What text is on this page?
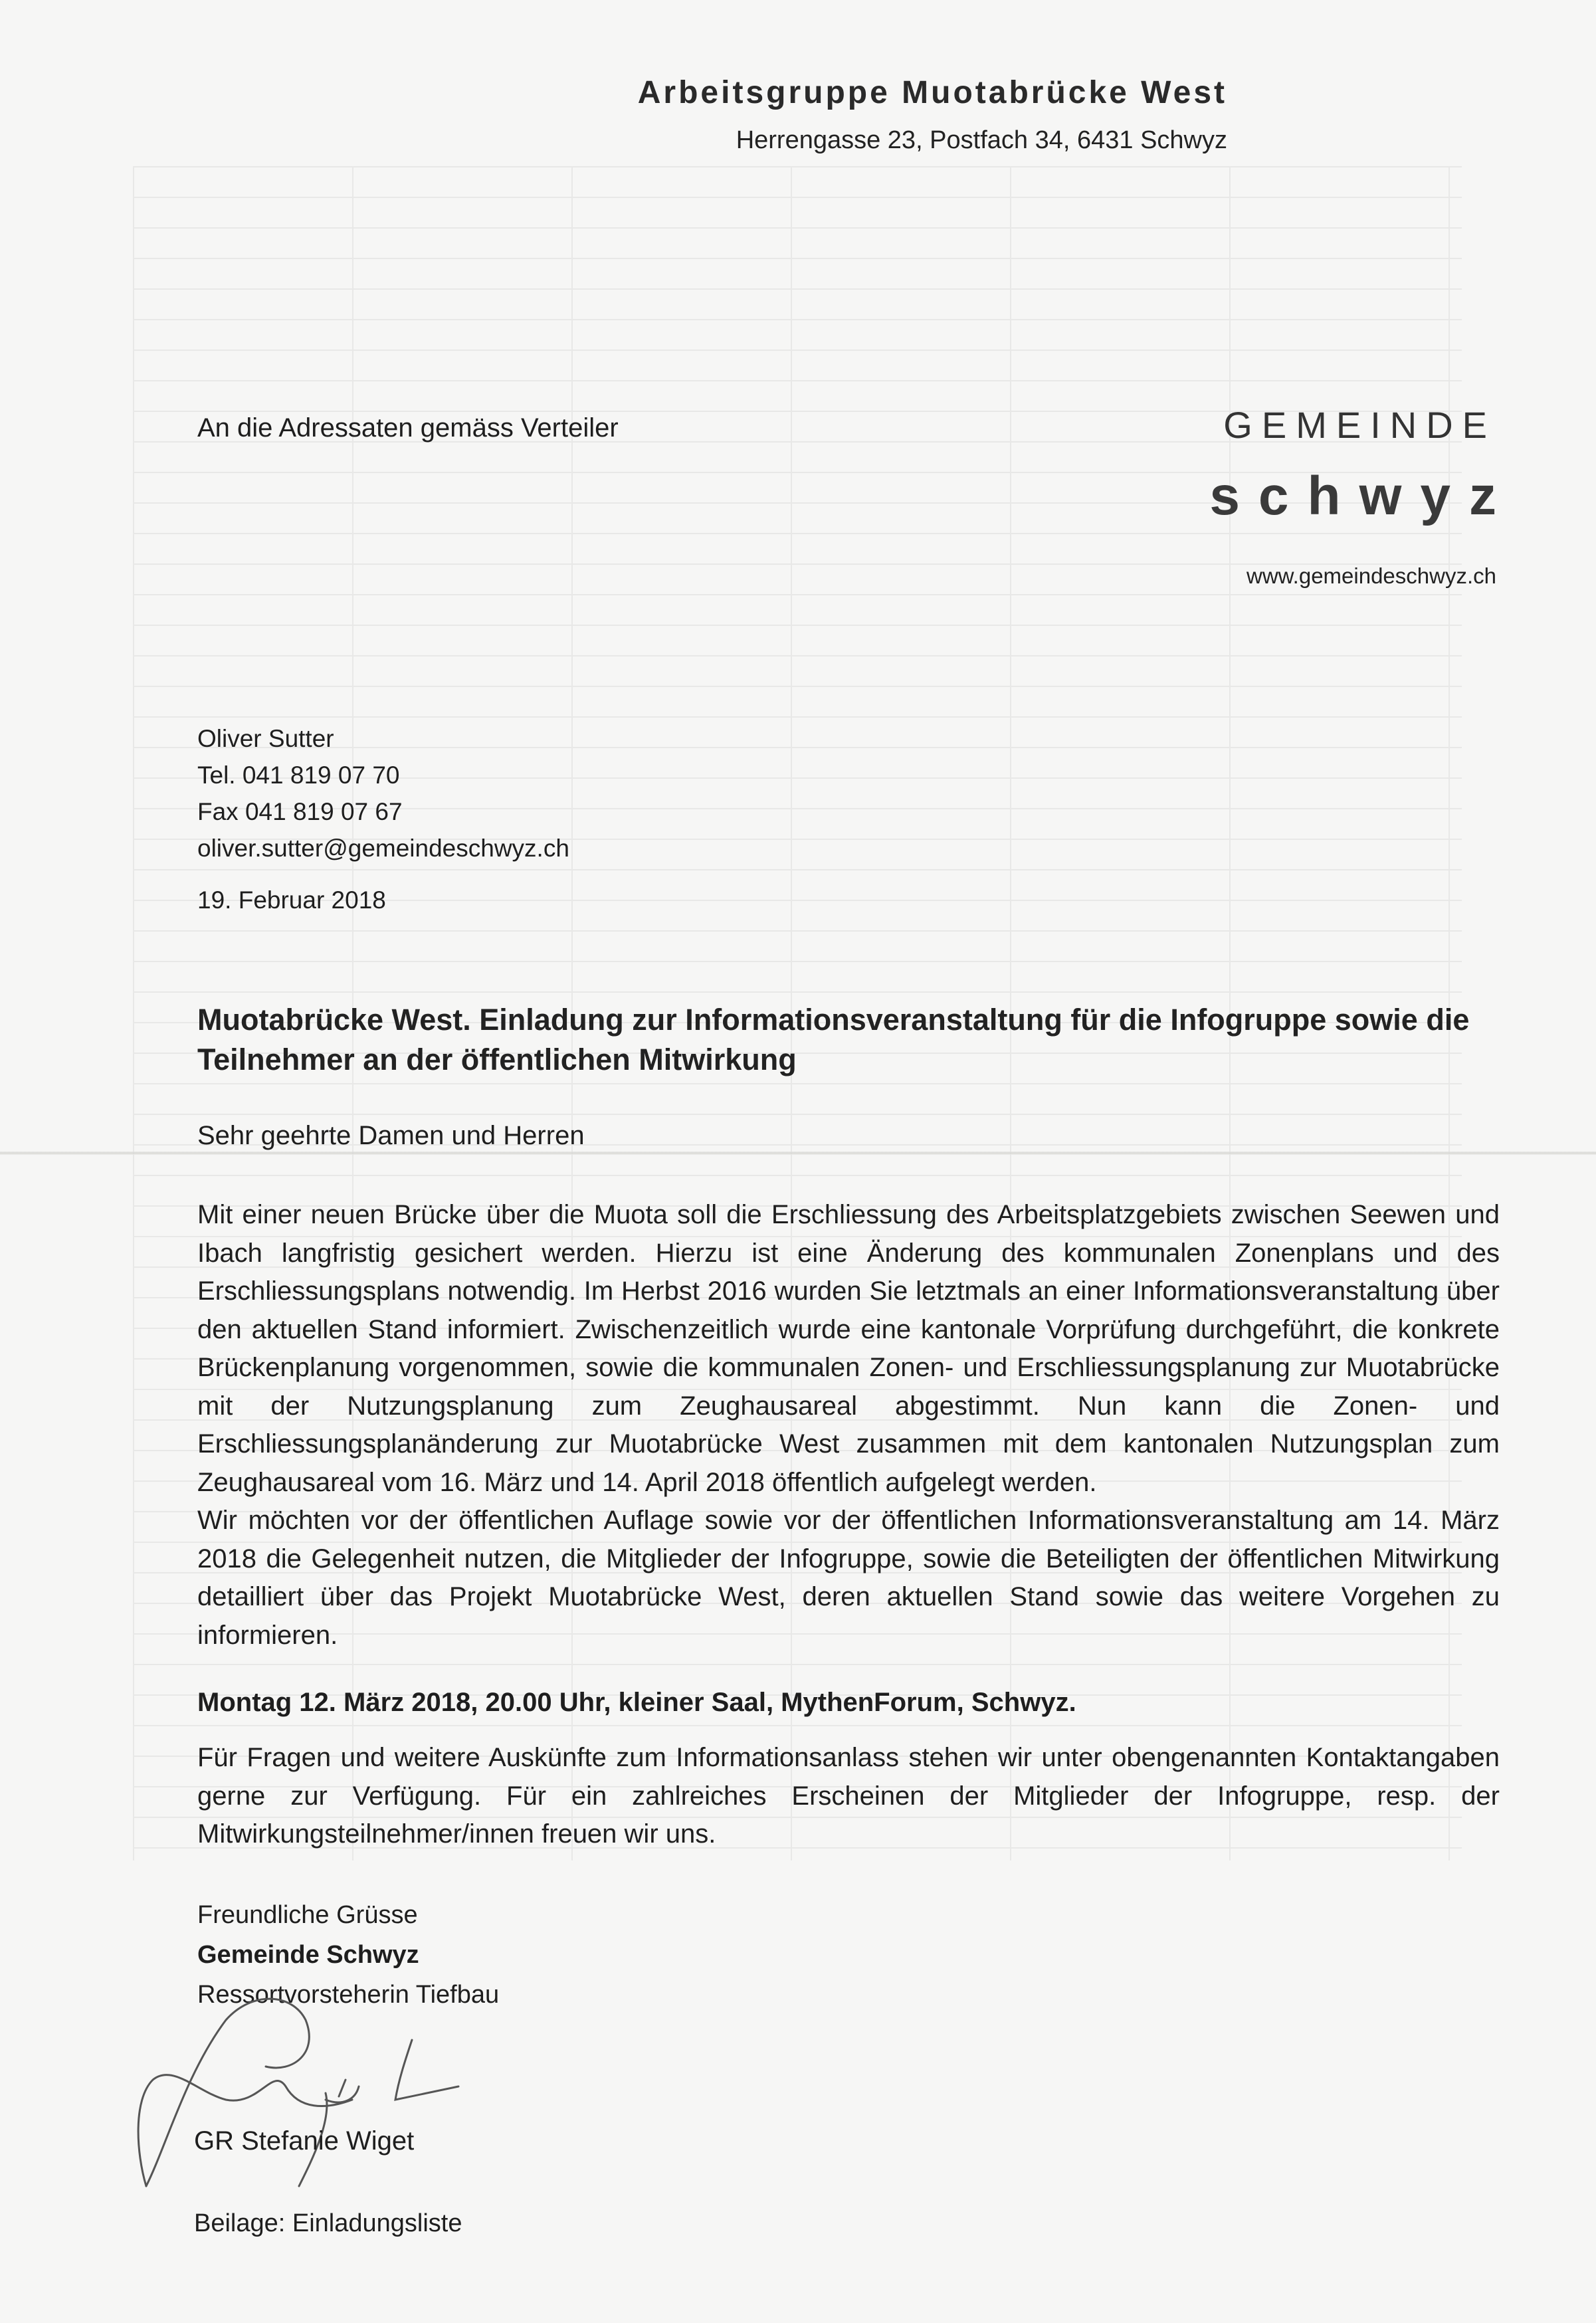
Arbeitsgruppe Muotabrücke West
Herrengasse 23, Postfach 34, 6431 Schwyz
An die Adressaten gemäss Verteiler	GEMEINDE
schwyz
www.gemeindeschwyz.ch
Oliver Sutter
Tel. 041 819 07 70
Fax 041 819 07 67
oliver.sutter@gemeindeschwyz.ch
19. Februar 2018
Muotabrücke West. Einladung zur Informationsveranstaltung für die Infogruppe sowie die Teilnehmer an der öffentlichen Mitwirkung
Sehr geehrte Damen und Herren

Mit einer neuen Brücke über die Muota soll die Erschliessung des Arbeitsplatzgebiets zwischen Seewen und Ibach langfristig gesichert werden. Hierzu ist eine Änderung des kommunalen Zonenplans und des Erschliessungsplans notwendig. Im Herbst 2016 wurden Sie letztmals an einer Informationsveranstaltung über den aktuellen Stand informiert. Zwischenzeitlich wurde eine kantonale Vorprüfung durchgeführt, die konkrete Brückenplanung vorgenommen, sowie die kommunalen Zonen- und Erschliessungsplanung zur Muotabrücke mit der Nutzungsplanung zum Zeughausareal abgestimmt. Nun kann die Zonen- und Erschliessungsplanänderung zur Muotabrücke West zusammen mit dem kantonalen Nutzungsplan zum Zeughausareal vom 16. März und 14. April 2018 öffentlich aufgelegt werden.

Wir möchten vor der öffentlichen Auflage sowie vor der öffentlichen Informationsveranstaltung am 14. März 2018 die Gelegenheit nutzen, die Mitglieder der Infogruppe, sowie die Beteiligten der öffentlichen Mitwirkung detailliert über das Projekt Muotabrücke West, deren aktuellen Stand sowie das weitere Vorgehen zu informieren.

Montag 12. März 2018, 20.00 Uhr, kleiner Saal, MythenForum, Schwyz.
Für Fragen und weitere Auskünfte zum Informationsanlass stehen wir unter obengenannten Kontaktangaben gerne zur Verfügung. Für ein zahlreiches Erscheinen der Mitglieder der Infogruppe, resp. der Mitwirkungsteilnehmer/innen freuen wir uns.
Freundliche Grüsse
Gemeinde Schwyz
Ressortvorsteherin Tiefbau
GR Stefanie Wiget
Beilage: Einladungsliste
